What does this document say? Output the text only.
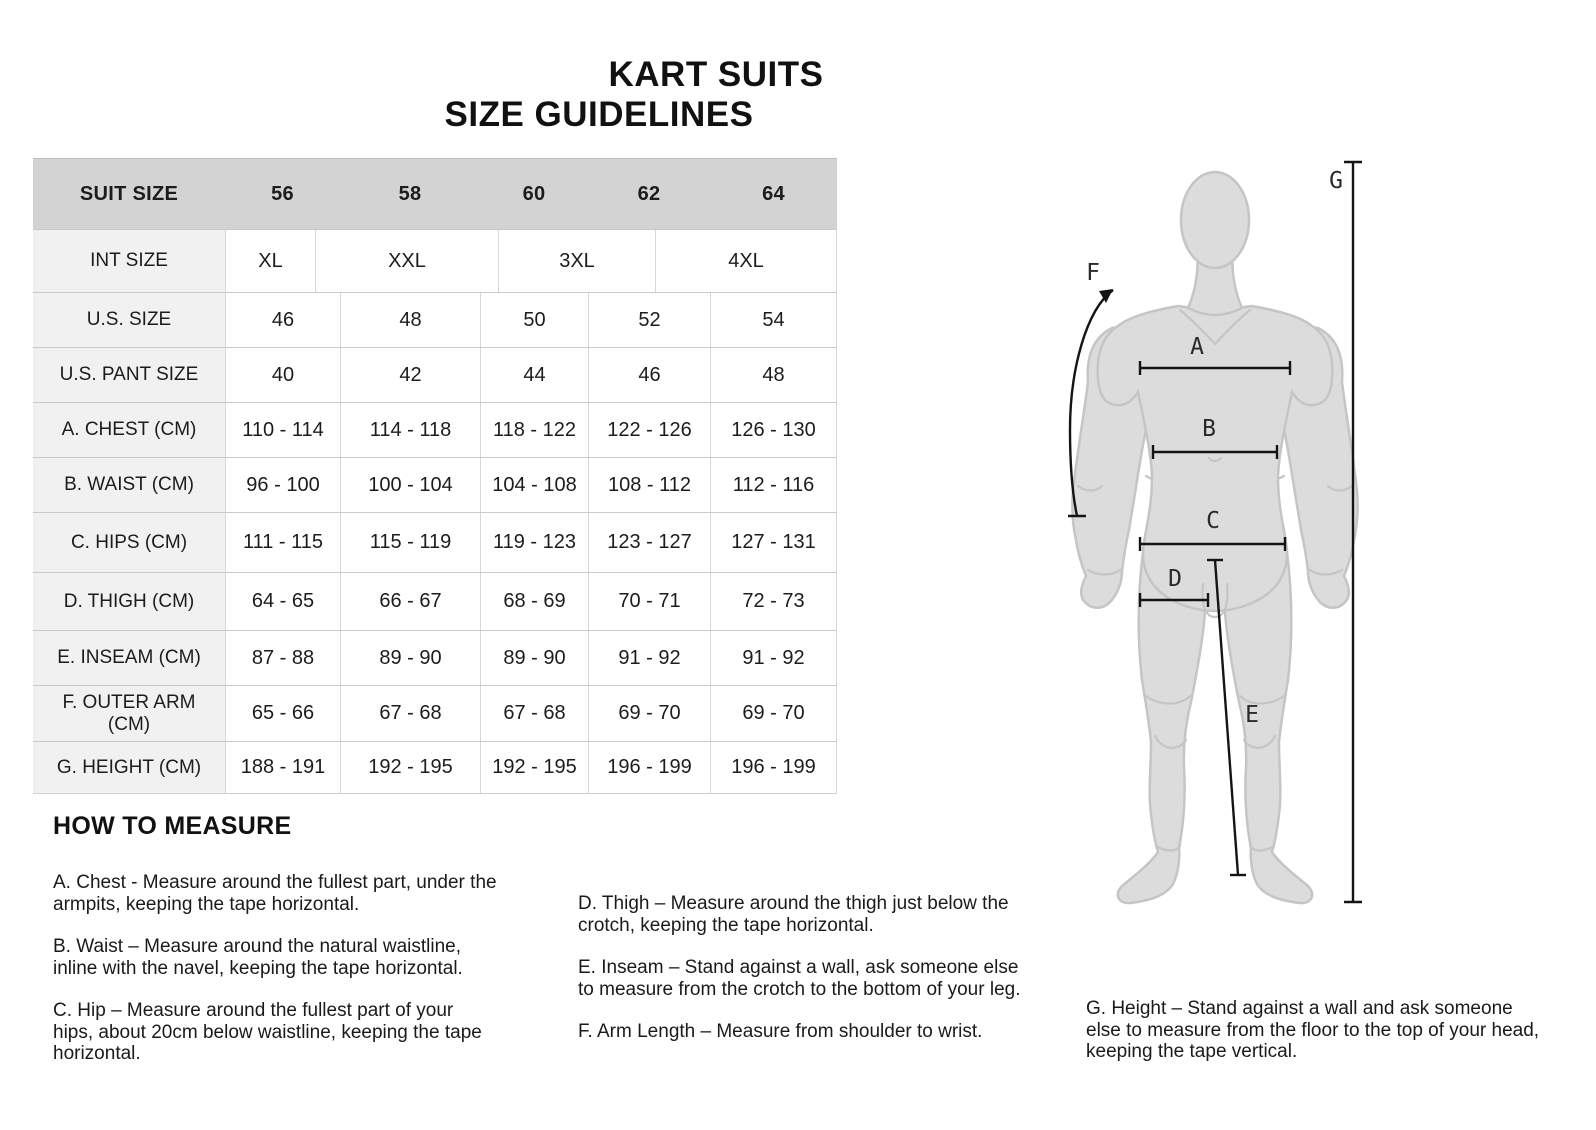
KART SUITS
SIZE GUIDELINES
SUIT SIZE	56	58	60	62	64
INT SIZE	XL	XXL	3XL	4XL
U.S. SIZE	46	48	50	52	54
U.S. PANT SIZE	40	42	44	46	48
A. CHEST (CM)	110 - 114	114 - 118	118 - 122	122 - 126	126 - 130
B. WAIST (CM)	96 - 100	100 - 104	104 - 108	108 - 112	112 - 116
C. HIPS (CM)	111 - 115	115 - 119	119 - 123	123 - 127	127 - 131
D. THIGH (CM)	64 - 65	66 - 67	68 - 69	70 - 71	72 - 73
E. INSEAM (CM)	87 - 88	89 - 90	89 - 90	91 - 92	91 - 92
F. OUTER ARM (CM)	65 - 66	67 - 68	67 - 68	69 - 70	69 - 70
G. HEIGHT (CM)	188 - 191	192 - 195	192 - 195	196 - 199	196 - 199
HOW TO MEASURE

A. Chest - Measure around the fullest part, under the armpits, keeping the tape horizontal.

B. Waist – Measure around the natural waistline, inline with the navel, keeping the tape horizontal.

C. Hip – Measure around the fullest part of your hips, about 20cm below waistline, keeping the tape horizontal.

D. Thigh – Measure around the thigh just below the crotch, keeping the tape horizontal.

E. Inseam – Stand against a wall, ask someone else to measure from the crotch to the bottom of your leg.

F. Arm Length – Measure from shoulder to wrist.

G. Height – Stand against a wall and ask someone else to measure from the floor to the top of your head, keeping the tape vertical.

A
B
C
D
E
F
G
